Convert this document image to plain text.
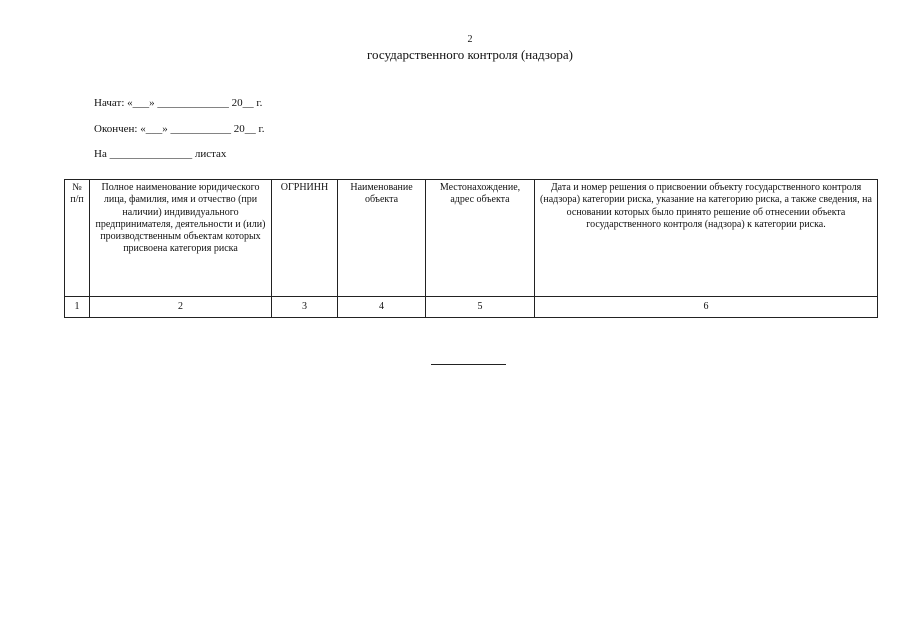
2
государственного контроля (надзора)
Начат: «___» _____________ 20__ г.
Окончен: «___» ___________ 20__ г.
На _______________ листах
№ п/п	Полное наименование юридического лица, фамилия, имя и отчество (при наличии) индивидуального предпринимателя, деятельности и (или) производственным объектам которых присвоена категория риска	ОГРНИНН	Наименование объекта	Местонахождение, адрес объекта	Дата и номер решения о присвоении объекту государственного контроля (надзора) категории риска, указание на категорию риска, а также сведения, на основании которых было принято решение об отнесении объекта государственного контроля (надзора) к категории риска.
1	2	3	4	5	6
